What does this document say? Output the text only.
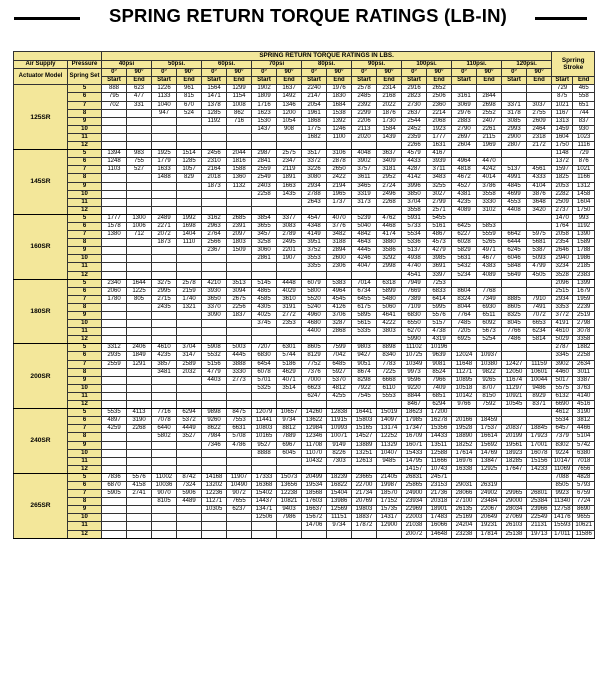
SPRING RETURN TORQUE RATINGS (LB-IN)
		SPRING RETURN TORQUE RATINGS IN LBS.																		Sprring Stroke	
Air Supply	Pressure	40psi		50psi.		60psi.		70psi		80psi.		90psi.		100psi.		110psi.		120psi.			
Actuator Model	Spring Set	0°	90°	0°	90°	0°	90°	0°	90°	0°	90°	0°	90°	0°	90°	0°	90°	0°	90°		
		Start	End	Start	End	Start	End	Start	End	Start	End	Start	End	Start	End	Start	End	Start	End	Start	End
125SR	5	888	623	1226	961	1564	1299	1902	1637	2240	1976	2578	2314	2916	2652					729	465
	6	795	477	1133	815	1471	1154	1809	1492	2147	1830	2485	2168	2823	2506	3161	2844			875	558
	7	702	331	1040	670	1378	1008	1716	1346	2054	1684	2392	2022	2730	2360	3069	2698	3371	3037	1021	651
	8			947	524	1285	862	1623	1200	1961	1538	2299	1876	2637	2214	2976	2552	3178	2755	1167	744
	9					1192	716	1530	1054	1868	1392	2206	1730	2544	2068	2883	2407	3085	2609	1313	837
	10							1437	908	1775	1246	2113	1584	2452	1923	2790	2261	2993	2464	1459	930
	11									1682	1100	2020	1439	2359	1777	2697	2115	2900	2318	1604	1023
	12													2266	1631	2604	1969	2807	2172	1750	1116
145SR	5	1394	983	1925	1514	2456	2044	2987	2575	3517	3106	4048	3637	4579	4167					1148	729
	6	1248	755	1779	1285	2310	1816	2841	2347	3372	2878	3902	3409	4433	3939	4964	4470			1372	876
	7	1103	527	1633	1057	2164	1588	2559	2119	3226	2650	3757	3181	4287	3711	4818	4242	5137	4561	1597	1021
	8			1488	829	2018	1360	2549	1891	3080	2422	3611	2952	4142	3483	4672	4014	4991	4333	1825	1166
	9					1873	1132	2403	1663	2934	2194	3465	2724	3996	3255	4527	3786	4845	4104	2053	1312
	10							2258	1435	2788	1965	3319	2496	3850	3027	4381	3558	4699	3876	2282	1458
	11									2643	1737	3173	2268	3704	2799	4235	3330	4553	3648	2509	1604
	12													3558	2571	4089	3102	4408	3420	2737	1750
160SR	5	1777	1300	2489	1992	3162	2685	3854	3377	4547	4070	5239	4762	5931	5455					1470	993
	6	1578	1006	2271	1698	2963	2391	3655	3083	4348	3776	5040	4468	5733	5161	6425	5853			1764	1192
	7	1380	712	2072	1404	2764	2097	3457	2789	4149	3482	4842	4174	5534	4867	6227	5559	6642	5975	2058	1390
	8			1873	1110	2566	1803	3258	2495	3951	3188	4643	3880	5336	4573	6028	5265	6444	5681	2354	1589
	9					2367	1509	3060	2201	3752	2894	4445	3586	5137	4279	5829	4971	6245	5387	2646	1788
	10							2861	1907	3553	2600	4246	3292	4938	3985	5631	4677	6046	5093	2940	1986
	11									3355	2306	4047	2998	4740	3691	5432	4383	5848	4799	3234	2185
	12													4541	3397	5234	4089	5649	4505	3528	2383
180SR	5	2340	1644	3275	2578	4210	3513	5145	4448	6079	5383	7014	6318	7949	7253					2096	1399
	6	2060	1225	2995	2159	3930	3094	4865	4029	5800	4964	6734	5899	7669	6833	8604	7768			2515	1679
	7	1780	805	2715	1740	3650	2675	4585	3610	5520	4545	6455	5480	7389	6414	8324	7349	8885	7910	2934	1959
	8			2435	1321	3370	2256	4305	3191	5240	4126	6175	5060	7109	5995	8044	6930	8605	7491	3353	2239
	9					3090	1837	4025	2772	4960	3706	5895	4641	6830	5576	7764	6511	8325	7072	3772	2519
	10							3745	2353	4680	3287	5615	4222	6550	5157	7485	6092	8045	6653	4191	2798
	11									4400	2868	5335	3803	6270	4738	7205	5673	7766	6234	4610	3078
	12													5990	4319	6925	5254	7486	5814	5029	3358
200SR	5	3312	2406	4610	3704	5908	5003	7207	6301	8605	7599	9803	8898	11102	10196					2787	1882
	6	2935	1849	4235	3147	5532	4445	6830	5744	8129	7042	9427	8340	10725	9639	12024	10937			3345	2258
	7	2559	1291	3857	2589	5156	3888	6454	5186	7752	6485	9051	7783	10349	9081	11648	10380	12427	11159	3902	2634
	8			3481	2032	4779	3330	6078	4629	7376	5927	8674	7225	9973	8524	11271	9822	12050	10601	4460	3011
	9					4403	2773	5701	4071	7000	5370	8298	6668	9596	7966	10895	9265	11674	10044	5017	3387
	10							5325	3514	6623	4812	7922	6110	9220	7409	10518	8707	11297	9486	5575	3763
	11									6247	4255	7545	5553	8844	6851	10142	8150	10921	8929	6132	4140
	12													8467	6294	9766	7592	10545	8371	6690	4516
240SR	5	5535	4113	7716	6294	9898	8475	12079	10657	14260	12838	16441	15019	18623	17200					4612	3190
	6	4897	3190	7078	5372	9260	7553	11441	9734	13622	11915	15803	14097	17985	16278	20166	18459			5534	3812
	7	4259	2268	6440	4449	8622	6631	10803	8812	12984	10993	15165	13174	17347	15356	19528	17537	20837	18845	6457	4466
	8			5802	3527	7984	5708	10165	7889	12346	10071	14527	12252	16709	14433	18890	16614	20199	17923	7379	5104
	9					7346	4786	9527	6967	11708	9149	13889	11329	16071	13511	18252	15692	19561	17001	8302	5742
	10							8888	6045	11070	8226	13251	10407	15433	12588	17614	14769	18923	16078	9224	6380
	11									10432	7303	12613	9485	14795	11666	16976	13847	18285	15156	10147	7018
	12													14157	10743	16338	12925	17647	14233	11069	7656
265SR	5	7836	5576	11002	8742	14168	11907	17333	15073	20499	18239	23665	21405	26831	24571					7088	4828
	6	6870	4158	10036	7324	13202	10490	16368	13656	19534	16822	22700	19987	25865	23153	29031	26319			8505	5793
	7	5905	2741	9070	5906	12236	9072	15402	12238	18568	15404	21734	18570	24900	21736	28066	24902	29965	26801	9923	6759
	8			8105	4489	11271	7655	14437	10821	17603	13986	20769	17152	23934	20318	27100	23484	29000	25384	11340	7724
	9					10305	6237	13471	9403	16637	12569	19803	15735	22969	18901	26135	22067	28034	23966	12758	8690
	10							12506	7986	15672	11151	18837	14317	22003	17483	25169	20649	27069	22549	14176	9655
	11									14706	9734	17872	12900	21038	16066	24204	19231	26103	21131	15593	10621
	12													20072	14648	23238	17814	25138	19713	17011	11586
